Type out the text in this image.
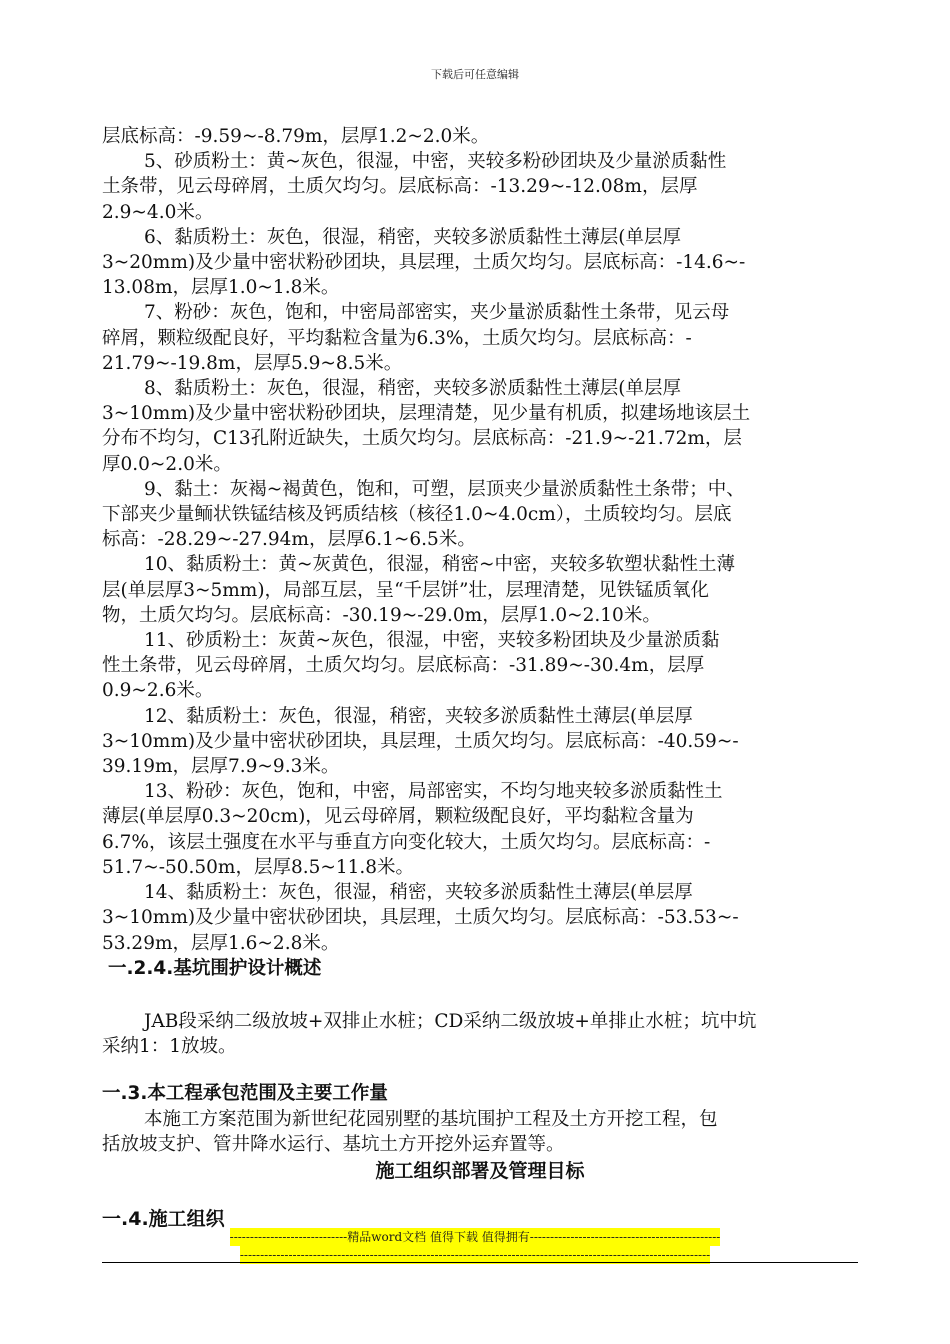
下载后可任意编辑

层底标高：-9.59~-8.79m，层厚1.2~2.0米。

5、砂质粉土：黄~灰色，很湿，中密，夹较多粉砂团块及少量淤质黏性

土条带，见云母碎屑，土质欠均匀。层底标高：-13.29~-12.08m，层厚

2.9~4.0米。

6、黏质粉土：灰色，很湿，稍密，夹较多淤质黏性土薄层(单层厚

3~20mm)及少量中密状粉砂团块，具层理，土质欠均匀。层底标高：-14.6~-

13.08m，层厚1.0~1.8米。

7、粉砂：灰色，饱和，中密局部密实，夹少量淤质黏性土条带，见云母

碎屑，颗粒级配良好，平均黏粒含量为6.3%，土质欠均匀。层底标高：-

21.79~-19.8m，层厚5.9~8.5米。

8、黏质粉土：灰色，很湿，稍密，夹较多淤质黏性土薄层(单层厚

3~10mm)及少量中密状粉砂团块，层理清楚，见少量有机质，拟建场地该层土

分布不均匀，C13孔附近缺失，土质欠均匀。层底标高：-21.9~-21.72m，层

厚0.0~2.0米。

9、黏土：灰褐~褐黄色，饱和，可塑，层顶夹少量淤质黏性土条带；中、

下部夹少量鲕状铁锰结核及钙质结核（核径1.0~4.0cm），土质较均匀。层底

标高：-28.29~-27.94m，层厚6.1~6.5米。

10、黏质粉土：黄~灰黄色，很湿，稍密~中密，夹较多软塑状黏性土薄

层(单层厚3~5mm)，局部互层，呈“千层饼”壮，层理清楚，见铁锰质氧化

物，土质欠均匀。层底标高：-30.19~-29.0m，层厚1.0~2.10米。

11、砂质粉土：灰黄~灰色，很湿，中密，夹较多粉团块及少量淤质黏

性土条带，见云母碎屑，土质欠均匀。层底标高：-31.89~-30.4m，层厚

0.9~2.6米。

12、黏质粉土：灰色，很湿，稍密，夹较多淤质黏性土薄层(单层厚

3~10mm)及少量中密状砂团块，具层理，土质欠均匀。层底标高：-40.59~-

39.19m，层厚7.9~9.3米。

13、粉砂：灰色，饱和，中密，局部密实，不均匀地夹较多淤质黏性土

薄层(单层厚0.3~20cm)，见云母碎屑，颗粒级配良好，平均黏粒含量为

6.7%，该层土强度在水平与垂直方向变化较大，土质欠均匀。层底标高：-

51.7~-50.50m，层厚8.5~11.8米。

14、黏质粉土：灰色，很湿，稍密，夹较多淤质黏性土薄层(单层厚

3~10mm)及少量中密状砂团块，具层理，土质欠均匀。层底标高：-53.53~-

53.29m，层厚1.6~2.8米。

一.2.4.基坑围护设计概述

JAB段采纳二级放坡+双排止水桩；CD采纳二级放坡+单排止水桩；坑中坑

采纳1：1放坡。

一.3.本工程承包范围及主要工作量

本施工方案范围为新世纪花园别墅的基坑围护工程及土方开挖工程，包

括放坡支护、管井降水运行、基坑土方开挖外运弃置等。

施工组织部署及管理目标
一.4.施工组织
-----------------------------精品word文档 值得下载 值得拥有-----------------------------------------------
--------------------------------------------------------------------------------------------------------------------
